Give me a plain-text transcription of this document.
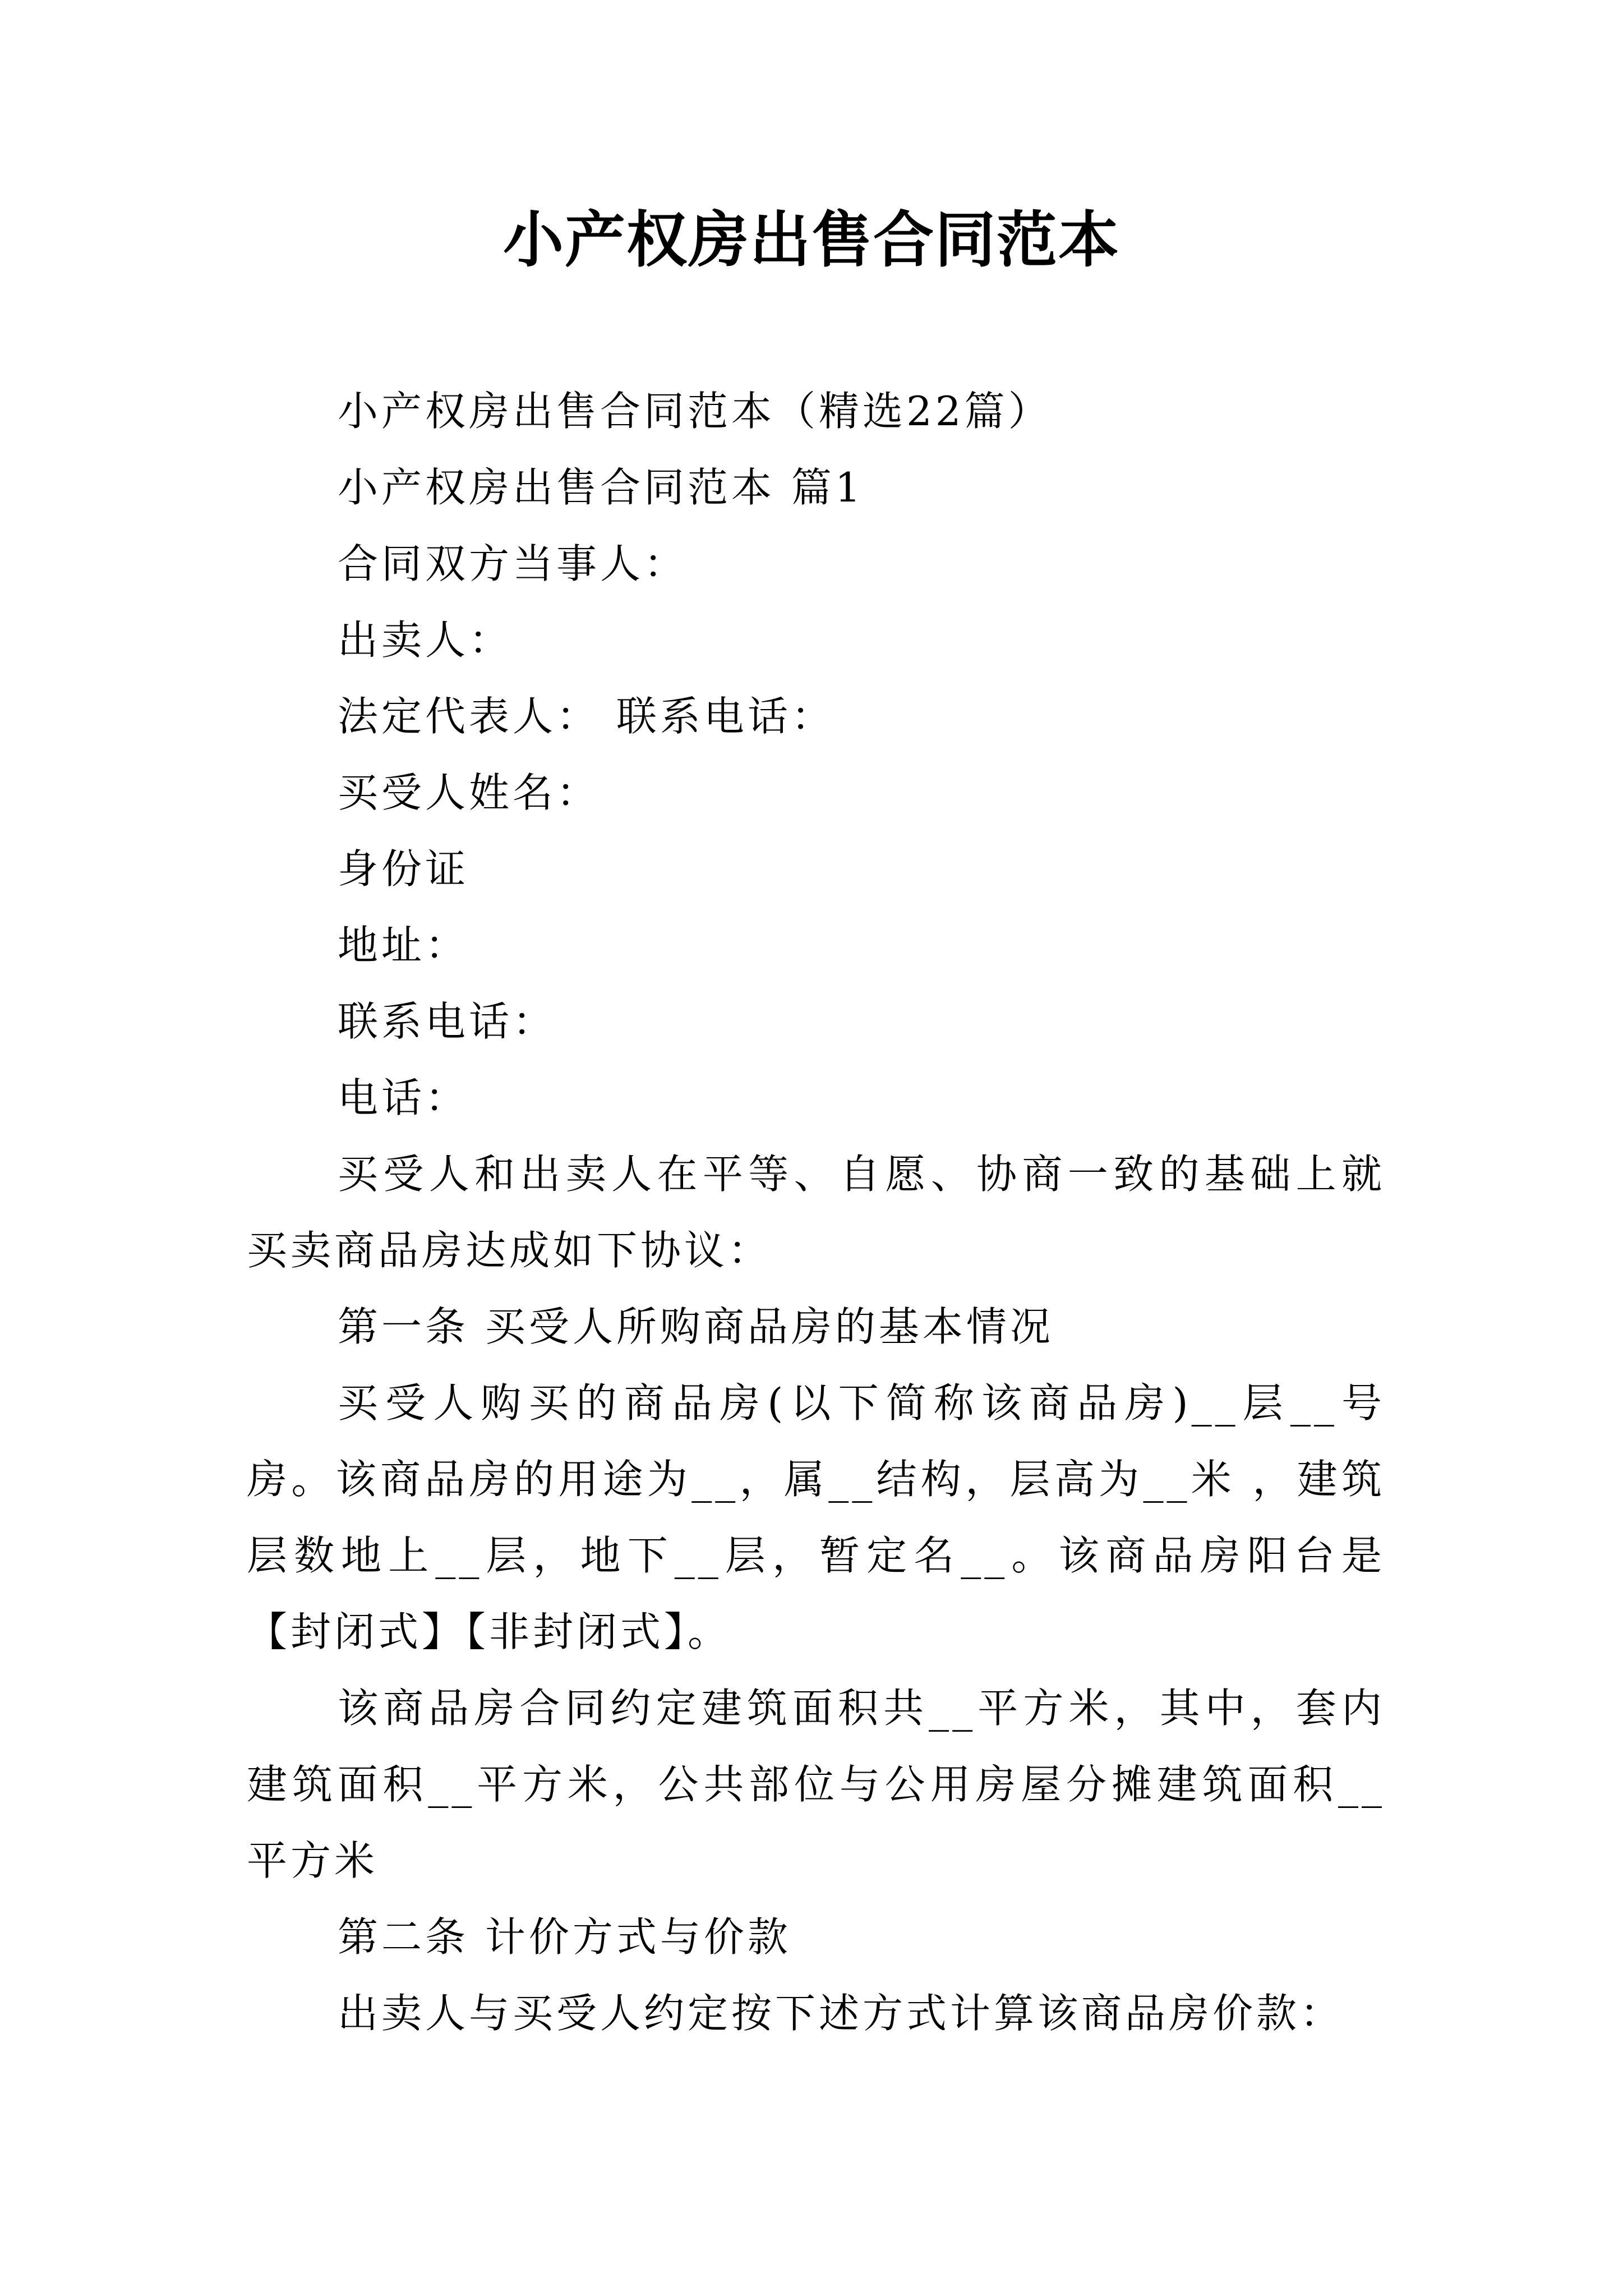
小产权房出售合同范本
小产权房出售合同范本（精选22篇）
小产权房出售合同范本 篇1
合同双方当事人：
出卖人：
法定代表人： 联系电话：
买受人姓名：
身份证
地址：
联系电话：
电话：
买受人和出卖人在平等、自愿、协商一致的基础上就买卖商品房达成如下协议：
第一条 买受人所购商品房的基本情况
买受人购买的商品房(以下简称该商品房)__层__号房。该商品房的用途为__，属__结构，层高为__米 ，建筑层数地上__层，地下__层，暂定名__。该商品房阳台是【封闭式】【非封闭式】。
该商品房合同约定建筑面积共__平方米，其中，套内建筑面积__平方米，公共部位与公用房屋分摊建筑面积__平方米
第二条 计价方式与价款
出卖人与买受人约定按下述方式计算该商品房价款：
